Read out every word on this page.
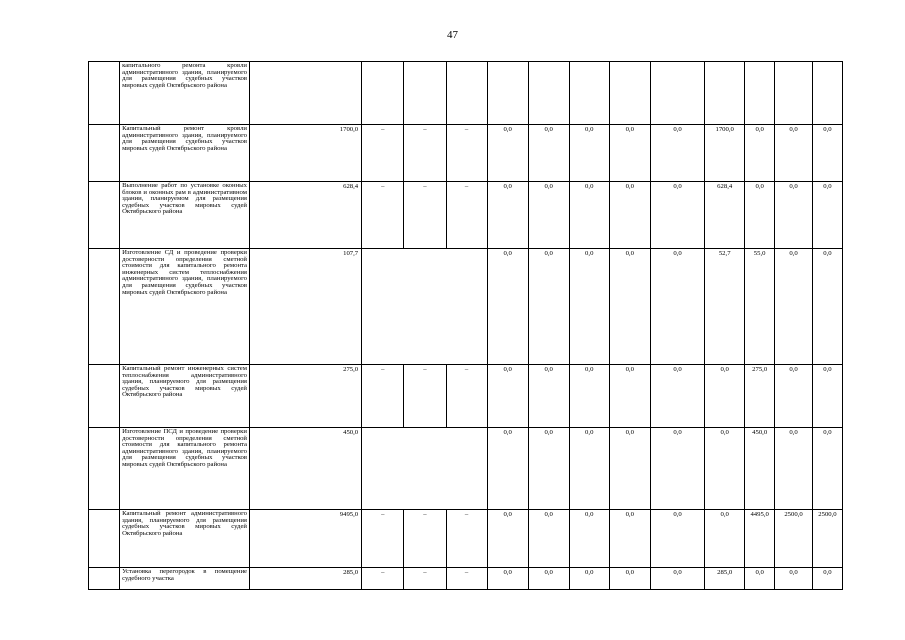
47
	капитального ремонта кровли административного здания, планируемого для размещения судебных участков мировых судей Октябрьского района													
	Капитальный ремонт кровли административного здания, планируемого для размещения судебных участков мировых судей Октябрьского района	1700,0	–	–	–	0,0	0,0	0,0	0,0	0,0	1700,0	0,0	0,0	0,0
	Выполнение работ по установке оконных блоков и оконных рам в административном здании, планируемом для размещения судебных участков мировых судей Октябрьского района	628,4	–	–	–	0,0	0,0	0,0	0,0	0,0	628,4	0,0	0,0	0,0
	Изготовление СД и проведение проверки достоверности определения сметной стоимости для капитального ремонта инженерных систем теплоснабжения административного здания, планируемого для размещения судебных участков мировых судей Октябрьского района	107,7				0,0	0,0	0,0	0,0	0,0	52,7	55,0	0,0	0,0
	Капитальный ремонт инженерных систем теплоснабжения административного здания, планируемого для размещения судебных участков мировых судей Октябрьского района	275,0	–	–	–	0,0	0,0	0,0	0,0	0,0	0,0	275,0	0,0	0,0
	Изготовление ПСД и проведение проверки достоверности определения сметной стоимости для капитального ремонта административного здания, планируемого для размещения судебных участков мировых судей Октябрьского района	450,0				0,0	0,0	0,0	0,0	0,0	0,0	450,0	0,0	0,0
	Капитальный ремонт административного здания, планируемого для размещения судебных участков мировых судей Октябрьского района	9495,0	–	–	–	0,0	0,0	0,0	0,0	0,0	0,0	4495,0	2500,0	2500,0
	Установка перегородок в помещение судебного участка	285,0	–	–	–	0,0	0,0	0,0	0,0	0,0	285,0	0,0	0,0	0,0
